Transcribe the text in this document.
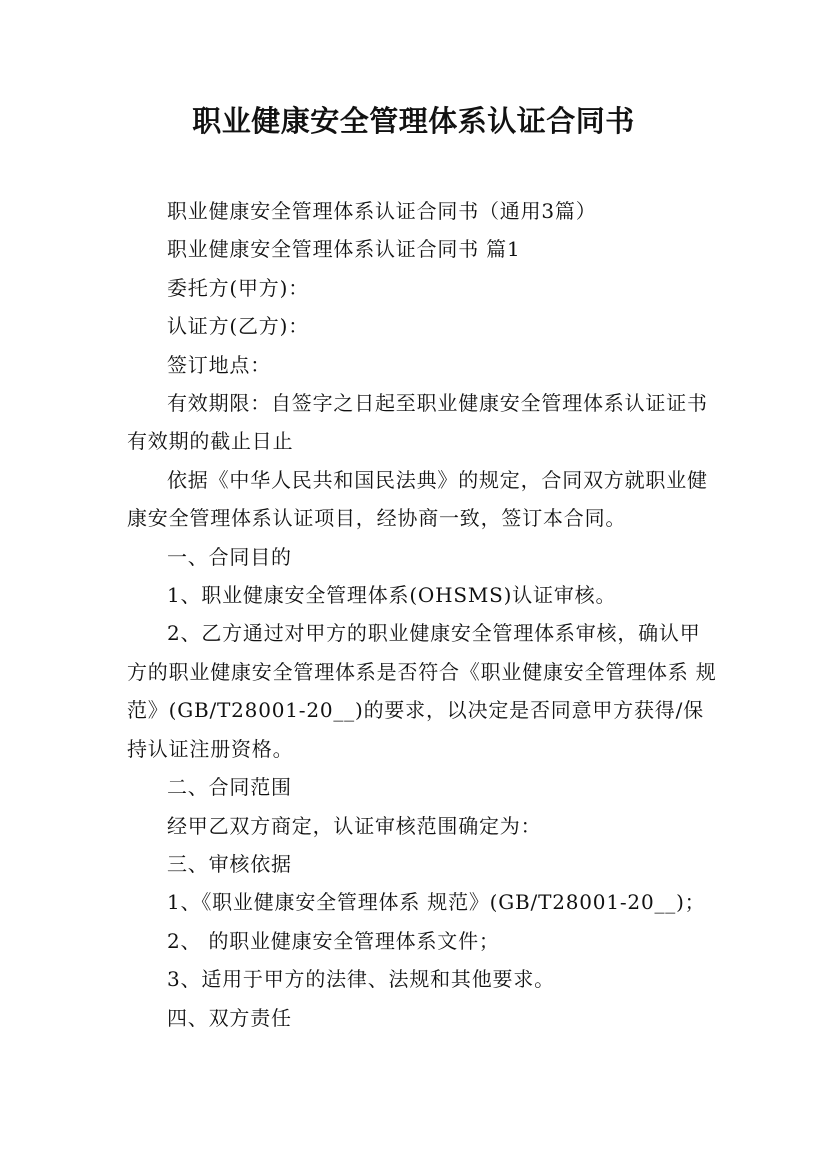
职业健康安全管理体系认证合同书

职业健康安全管理体系认证合同书（通用3篇）

职业健康安全管理体系认证合同书 篇1

委托方(甲方)：

认证方(乙方)：

签订地点：

有效期限：自签字之日起至职业健康安全管理体系认证证书有效期的截止日止

依据《中华人民共和国民法典》的规定，合同双方就职业健康安全管理体系认证项目，经协商一致，签订本合同。

一、合同目的

1、职业健康安全管理体系(OHSMS)认证审核。

2、乙方通过对甲方的职业健康安全管理体系审核，确认甲方的职业健康安全管理体系是否符合《职业健康安全管理体系 规范》(GB/T28001-20__)的要求，以决定是否同意甲方获得/保持认证注册资格。

二、合同范围

经甲乙双方商定，认证审核范围确定为：

三、审核依据

1、《职业健康安全管理体系 规范》(GB/T28001-20__)；

2、 的职业健康安全管理体系文件；

3、适用于甲方的法律、法规和其他要求。

四、双方责任
